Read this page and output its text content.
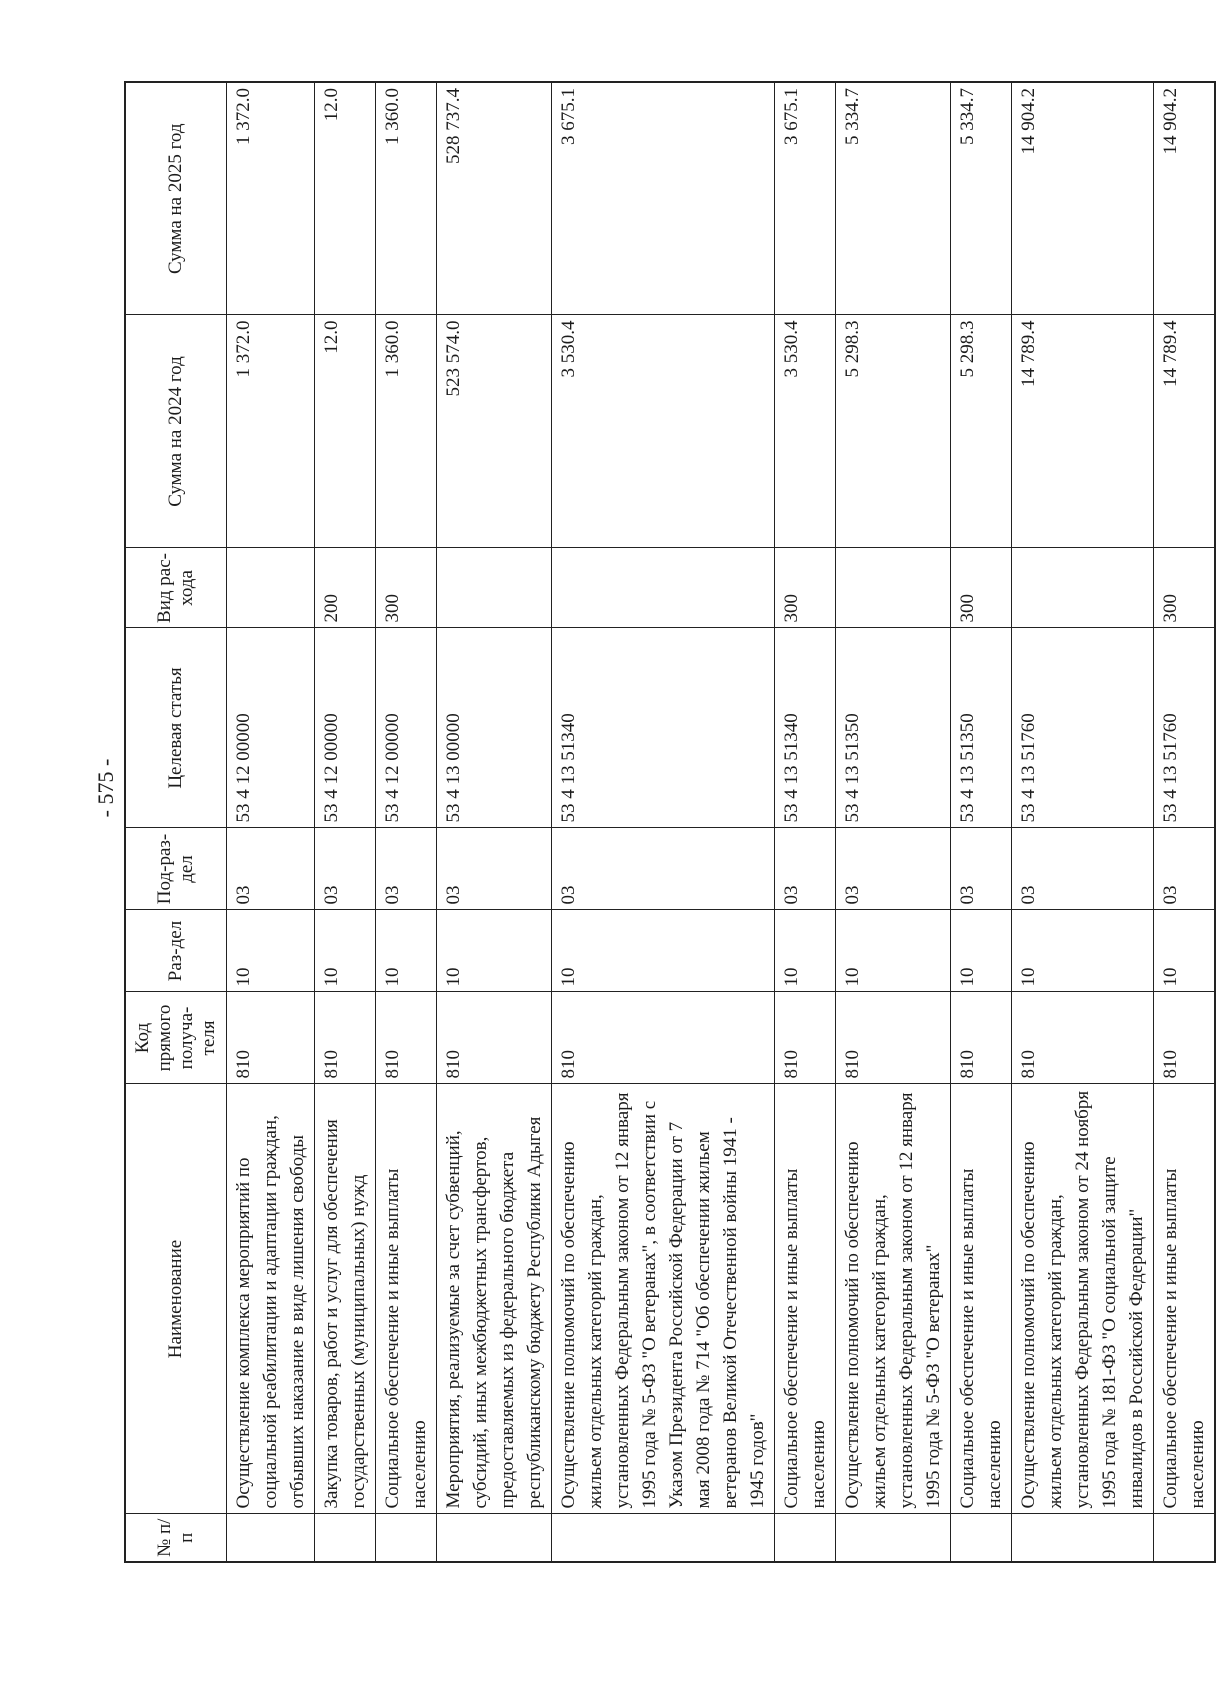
- 575 -
№ п/п	Наименование	Код прямого получа-теля	Раз-дел	Под-раз-дел	Целевая статья	Вид рас-хода	Сумма на 2024 год	Сумма на 2025 год
	Осуществление комплекса мероприятий по социальной реабилитации и адаптации граждан, отбывших наказание в виде лишения свободы	810	10	03	53 4 12 00000		1 372.0	1 372.0
	Закупка товаров, работ и услуг для обеспечения государственных (муниципальных) нужд	810	10	03	53 4 12 00000	200	12.0	12.0
	Социальное обеспечение и иные выплаты населению	810	10	03	53 4 12 00000	300	1 360.0	1 360.0
	Мероприятия, реализуемые за счет субвенций, субсидий, иных межбюджетных трансфертов, предоставляемых из федерального бюджета республиканскому бюджету Республики Адыгея	810	10	03	53 4 13 00000		523 574.0	528 737.4
	Осуществление полномочий по обеспечению жильем отдельных категорий граждан, установленных Федеральным законом от 12 января 1995 года № 5-ФЗ "О ветеранах", в соответствии с Указом Президента Российской Федерации от 7 мая 2008 года № 714 "Об обеспечении жильем ветеранов Великой Отечественной войны 1941 - 1945 годов"	810	10	03	53 4 13 51340		3 530.4	3 675.1
	Социальное обеспечение и иные выплаты населению	810	10	03	53 4 13 51340	300	3 530.4	3 675.1
	Осуществление полномочий по обеспечению жильем отдельных категорий граждан, установленных Федеральным законом от 12 января 1995 года № 5-ФЗ "О ветеранах"	810	10	03	53 4 13 51350		5 298.3	5 334.7
	Социальное обеспечение и иные выплаты населению	810	10	03	53 4 13 51350	300	5 298.3	5 334.7
	Осуществление полномочий по обеспечению жильем отдельных категорий граждан, установленных Федеральным законом от 24 ноября 1995 года № 181-ФЗ "О социальной защите инвалидов в Российской Федерации"	810	10	03	53 4 13 51760		14 789.4	14 904.2
	Социальное обеспечение и иные выплаты населению	810	10	03	53 4 13 51760	300	14 789.4	14 904.2
